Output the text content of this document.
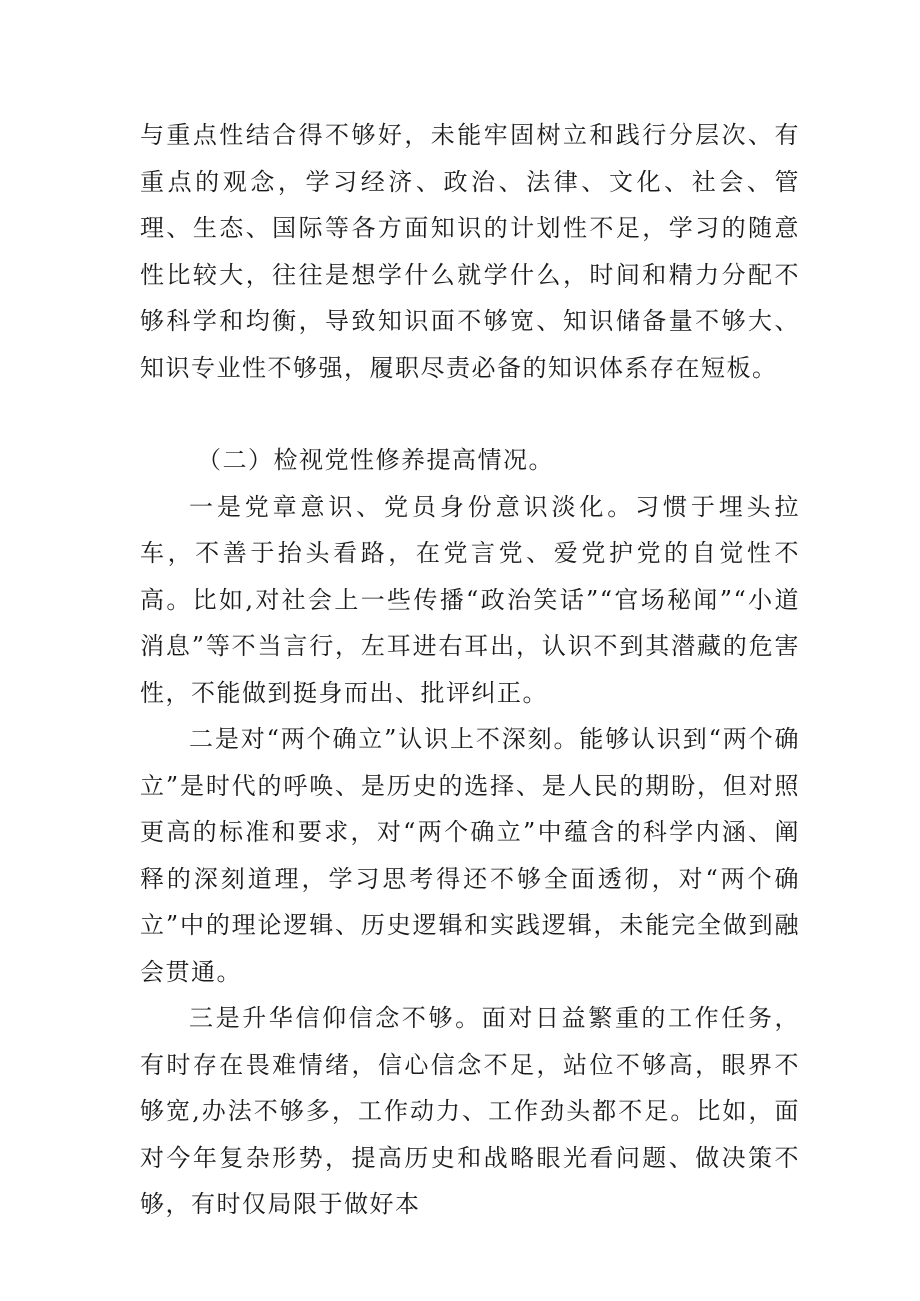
与重点性结合得不够好，未能牢固树立和践行分层次、有重点的观念，学习经济、政治、法律、文化、社会、管理、生态、国际等各方面知识的计划性不足，学习的随意性比较大，往往是想学什么就学什么，时间和精力分配不够科学和均衡，导致知识面不够宽、知识储备量不够大、知识专业性不够强，履职尽责必备的知识体系存在短板。

（二）检视党性修养提高情况。

一是党章意识、党员身份意识淡化。习惯于埋头拉车，不善于抬头看路，在党言党、爱党护党的自觉性不高。比如,对社会上一些传播“政治笑话”“官场秘闻”“小道消息”等不当言行，左耳进右耳出，认识不到其潜藏的危害性，不能做到挺身而出、批评纠正。

二是对“两个确立”认识上不深刻。能够认识到“两个确立”是时代的呼唤、是历史的选择、是人民的期盼，但对照更高的标准和要求，对“两个确立”中蕴含的科学内涵、阐释的深刻道理，学习思考得还不够全面透彻，对“两个确立”中的理论逻辑、历史逻辑和实践逻辑，未能完全做到融会贯通。

三是升华信仰信念不够。面对日益繁重的工作任务，有时存在畏难情绪，信心信念不足，站位不够高，眼界不够宽,办法不够多，工作动力、工作劲头都不足。比如，面对今年复杂形势，提高历史和战略眼光看问题、做决策不够，有时仅局限于做好本
